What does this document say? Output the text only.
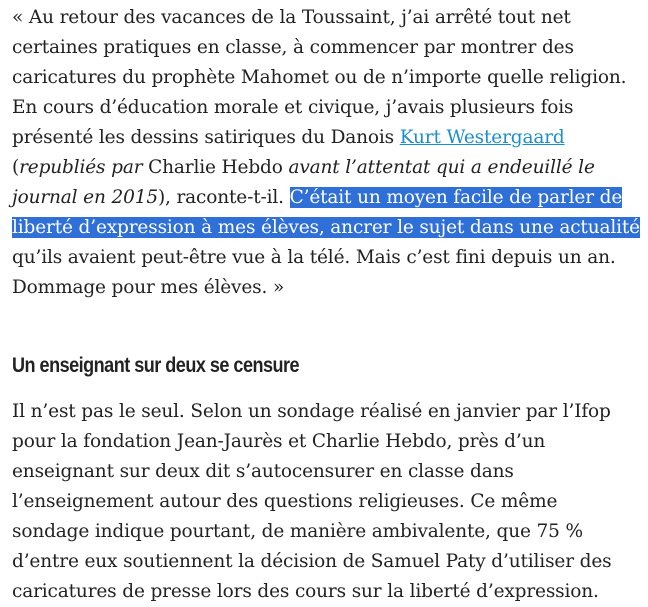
« Au retour des vacances de la Toussaint, j’ai arrêté tout net certaines pratiques en classe, à commencer par montrer des caricatures du prophète Mahomet ou de n’importe quelle religion. En cours d’éducation morale et civique, j’avais plusieurs fois présenté les dessins satiriques du Danois Kurt Westergaard (republiés par Charlie Hebdo avant l’attentat qui a endeuillé le journal en 2015), raconte-t-il. C’était un moyen facile de parler de liberté d’expression à mes élèves, ancrer le sujet dans une actualité qu’ils avaient peut-être vue à la télé. Mais c’est fini depuis un an. Dommage pour mes élèves. »

Un enseignant sur deux se censure

Il n’est pas le seul. Selon un sondage réalisé en janvier par l’Ifop pour la fondation Jean-Jaurès et Charlie Hebdo, près d’un enseignant sur deux dit s’autocensurer en classe dans l’enseignement autour des questions religieuses. Ce même sondage indique pourtant, de manière ambivalente, que 75 % d’entre eux soutiennent la décision de Samuel Paty d’utiliser des caricatures de presse lors des cours sur la liberté d’expression.
